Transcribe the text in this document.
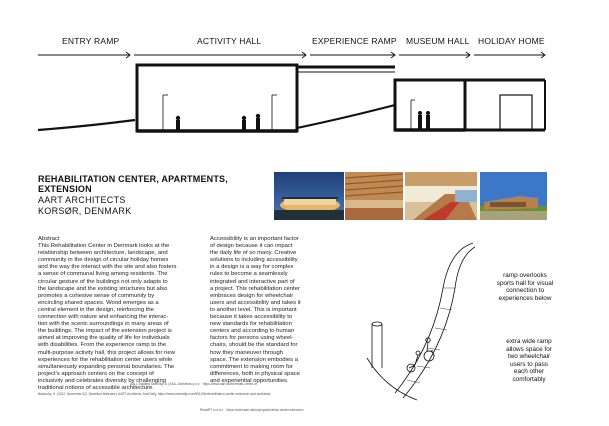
ENTRY RAMP	ACTIVITY HALL	EXPERIENCE RAMP MUSEUM HALL HOLIDAY HOME
REHABILITATION CENTER, APARTMENTS, EXTENSION
AART ARCHITECTS
KORSØR, DENMARK
Abstract
This Rehabilitation Center in Denmark looks at the
relationship between architecture, landscape, and
community in the design of circular holiday homes
and the way the interact with the site and also fosters
a sense of communal living among residents. The
circular gesture of the buildings not only adapts to
the landscape and the existing structures but also
promotes a cohesive sense of community by
encircling shared spaces. Wood emerges as a
central element in the design, reinforcing the
connection with nature and enhancing the interac-
tion with the scenic surroundings in many areas of
the buildings. The impact of the extension project is
aimed at improving the quality of life for individuals
with disabilities. From the experience ramp to the
multi-purpose activity hall, this project allows for new
experiences for the rehabilitation center users while
simultaneously expanding personal boundaries. The
project's approach centers on the concept of
inclusivity and celebrates diversity by challenging
traditional notions of accessible architecture.
Accessibility is an important factor
of design because it can impact
the daily life of so many. Creative
solutions to including accessibility
in a design is a way for complex
rules to become a seamlessly
integrated and interactive part of
a project. This rehabilitation center
embraces design for wheelchair
users and accessibility and takes it
to another level. This is important
because it takes accessibility to
new standards for rehabilitation
centers and according to human
factors for persons using wheel-
chairs, should be the standard for
how they maneuver through
space. The extension embodies a
commitment to making room for
differences, both in physical space
and experiential opportunities.
ramp overlooks
sports hall for visual
connection to
experiences below
extra wide ramp
allows space for
two wheelchair
users to pass
each other
comfortably
AALL Building Sketchup ● | AALL Architects p.s.v. · https://www.aart.dk/en/rehab-center-dt
Bataouky, H. (2022, November 02). Modelled Materials | AART Architects. ArchDaily. https://www.archdaily.com/991196/rehabilitation-center-extension-aart-architects
ReaART in s.s.v. · https://www.aart.dk/en/projects/rehab-center-extension
